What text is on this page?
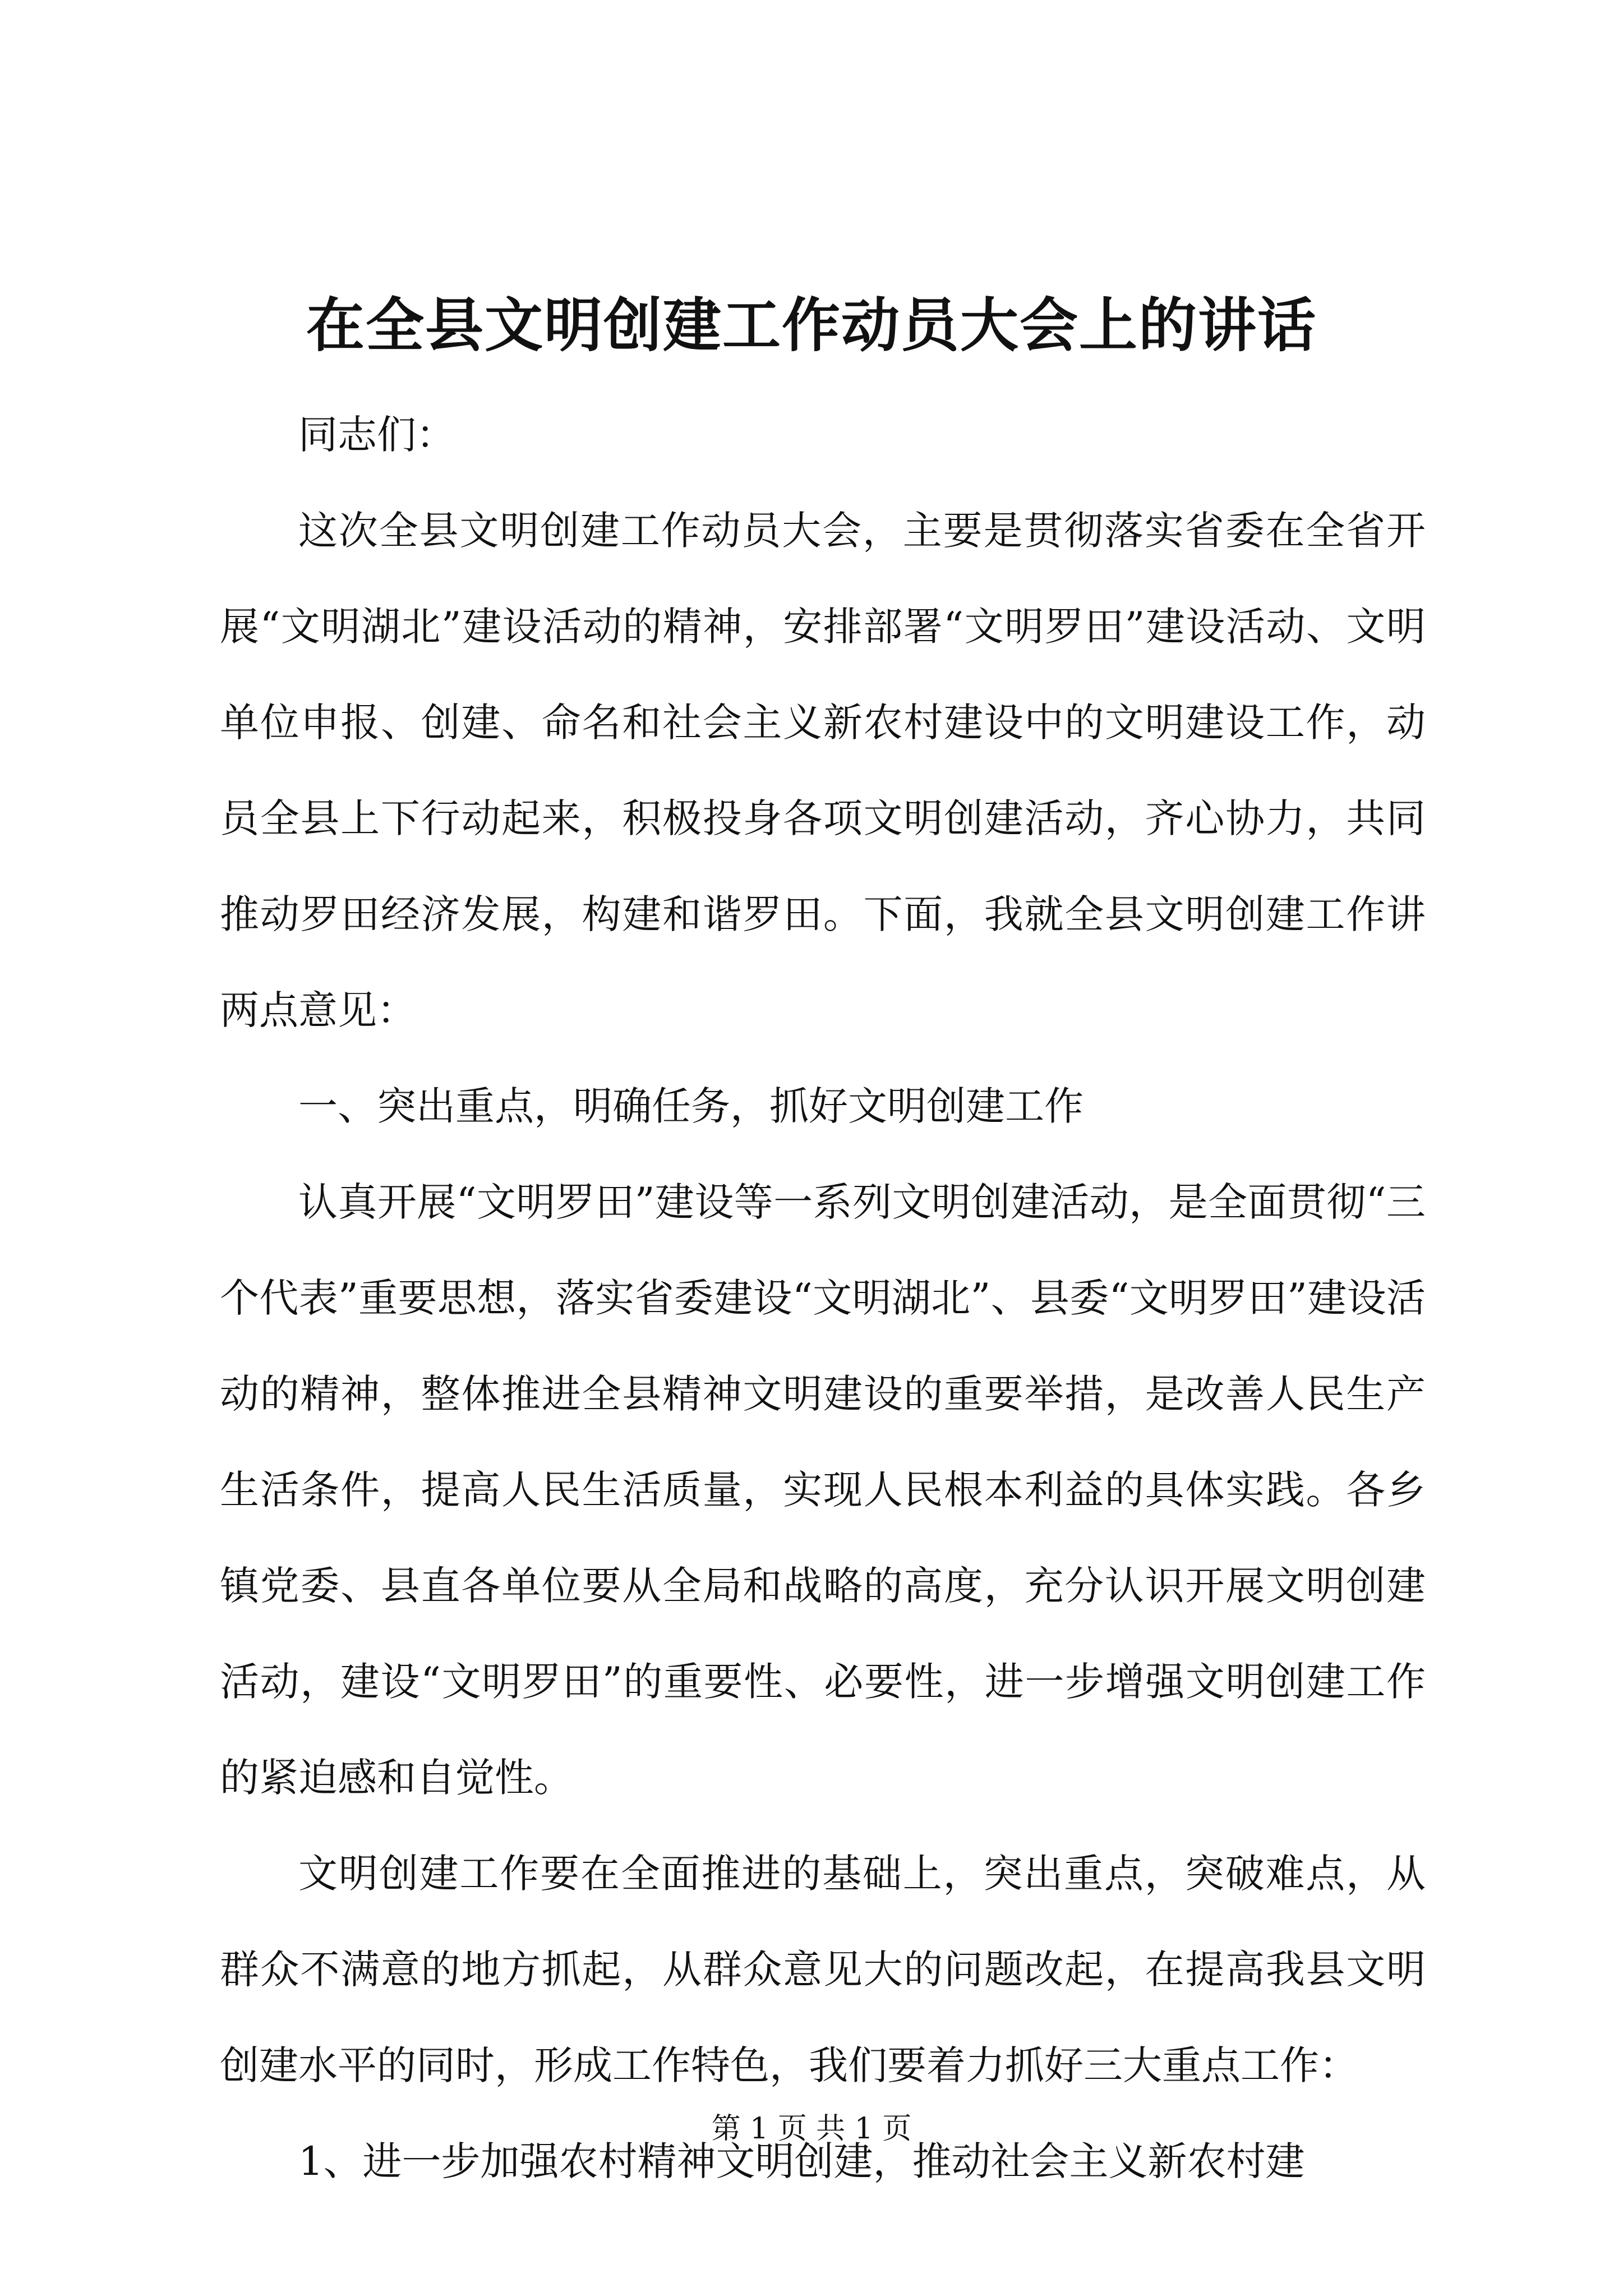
在全县文明创建工作动员大会上的讲话

同志们：

这次全县文明创建工作动员大会，主要是贯彻落实省委在全省开展“文明湖北”建设活动的精神，安排部署“文明罗田”建设活动、文明单位申报、创建、命名和社会主义新农村建设中的文明建设工作，动员全县上下行动起来，积极投身各项文明创建活动，齐心协力，共同推动罗田经济发展，构建和谐罗田。下面，我就全县文明创建工作讲两点意见：

一、突出重点，明确任务，抓好文明创建工作

认真开展“文明罗田”建设等一系列文明创建活动，是全面贯彻“三个代表”重要思想，落实省委建设“文明湖北”、县委“文明罗田”建设活动的精神，整体推进全县精神文明建设的重要举措，是改善人民生产生活条件，提高人民生活质量，实现人民根本利益的具体实践。各乡镇党委、县直各单位要从全局和战略的高度，充分认识开展文明创建活动，建设“文明罗田”的重要性、必要性，进一步增强文明创建工作的紧迫感和自觉性。

文明创建工作要在全面推进的基础上，突出重点，突破难点，从群众不满意的地方抓起，从群众意见大的问题改起，在提高我县文明创建水平的同时，形成工作特色，我们要着力抓好三大重点工作：

1、进一步加强农村精神文明创建，推动社会主义新农村建

第 1 页 共 1 页
